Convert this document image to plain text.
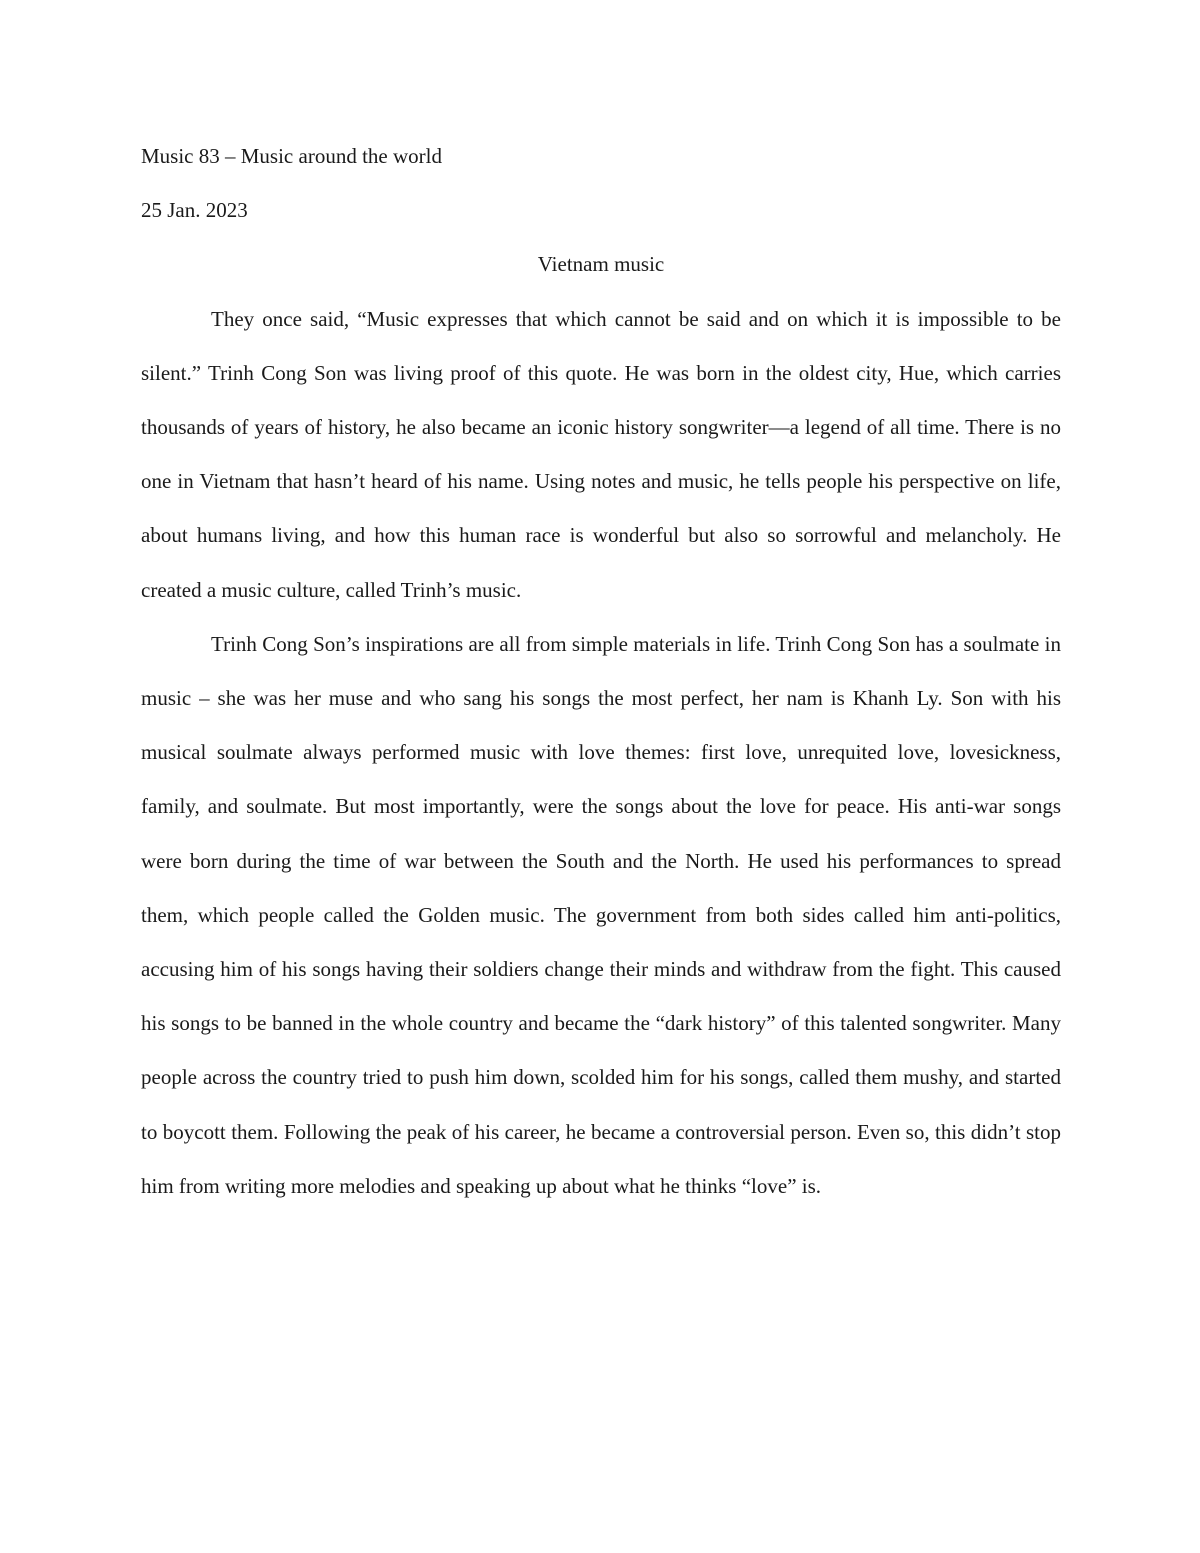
Music 83 – Music around the world

25 Jan. 2023

Vietnam music

They once said, “Music expresses that which cannot be said and on which it is impossible to be silent.” Trinh Cong Son was living proof of this quote. He was born in the oldest city, Hue, which carries thousands of years of history, he also became an iconic history songwriter—a legend of all time. There is no one in Vietnam that hasn’t heard of his name. Using notes and music, he tells people his perspective on life, about humans living, and how this human race is wonderful but also so sorrowful and melancholy. He created a music culture, called Trinh’s music.

Trinh Cong Son’s inspirations are all from simple materials in life. Trinh Cong Son has a soulmate in music – she was her muse and who sang his songs the most perfect, her nam is Khanh Ly. Son with his musical soulmate always performed music with love themes: first love, unrequited love, lovesickness, family, and soulmate. But most importantly, were the songs about the love for peace. His anti-war songs were born during the time of war between the South and the North. He used his performances to spread them, which people called the Golden music. The government from both sides called him anti-politics, accusing him of his songs having their soldiers change their minds and withdraw from the fight. This caused his songs to be banned in the whole country and became the “dark history” of this talented songwriter. Many people across the country tried to push him down, scolded him for his songs, called them mushy, and started to boycott them. Following the peak of his career, he became a controversial person. Even so, this didn’t stop him from writing more melodies and speaking up about what he thinks “love” is.
